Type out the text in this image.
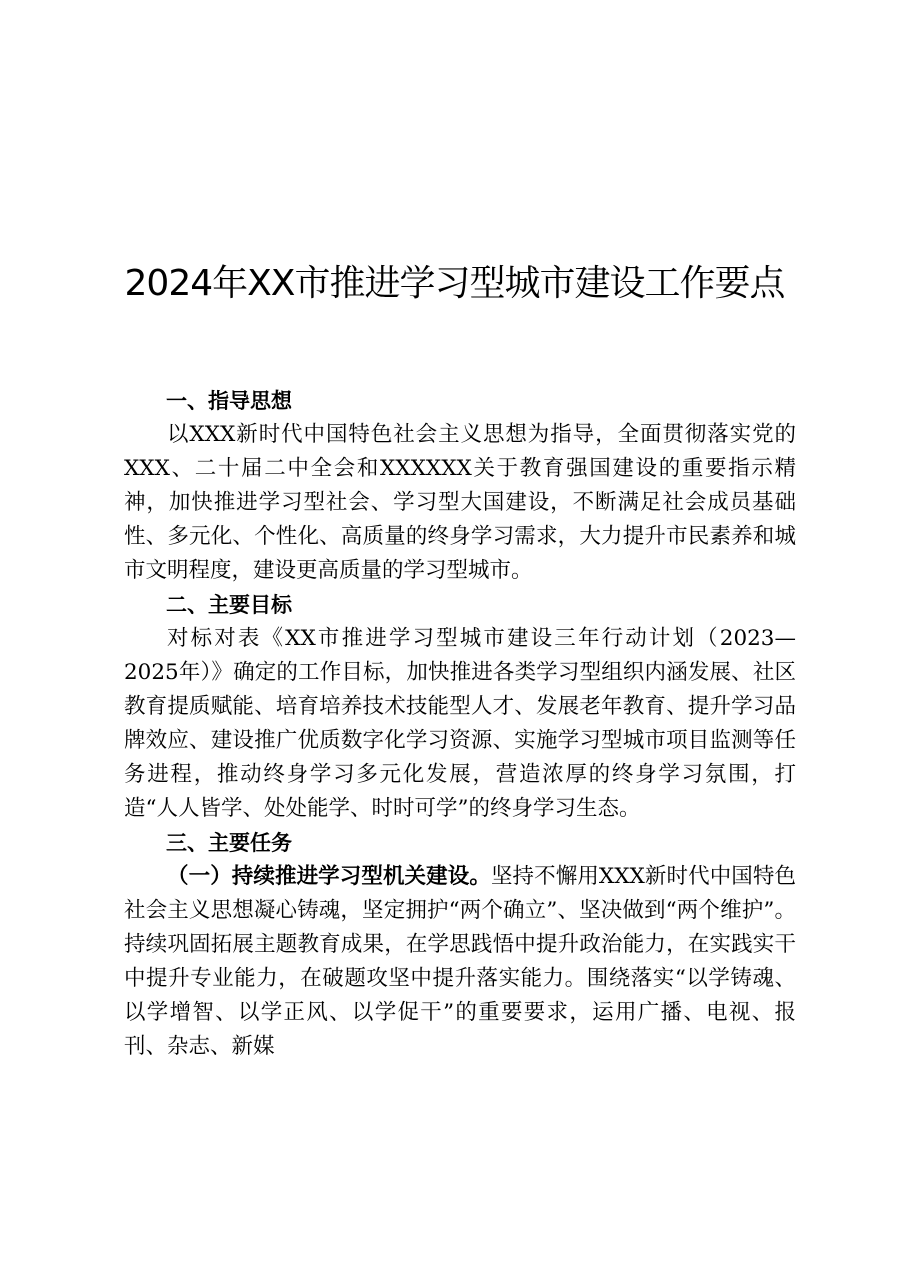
2024年XX市推进学习型城市建设工作要点
一、指导思想

以XXX新时代中国特色社会主义思想为指导，全面贯彻落实党的XXX、二十届二中全会和XXXXXX关于教育强国建设的重要指示精神，加快推进学习型社会、学习型大国建设，不断满足社会成员基础性、多元化、个性化、高质量的终身学习需求，大力提升市民素养和城市文明程度，建设更高质量的学习型城市。

二、主要目标

对标对表《XX市推进学习型城市建设三年行动计划（2023—2025年）》确定的工作目标，加快推进各类学习型组织内涵发展、社区教育提质赋能、培育培养技术技能型人才、发展老年教育、提升学习品牌效应、建设推广优质数字化学习资源、实施学习型城市项目监测等任务进程，推动终身学习多元化发展，营造浓厚的终身学习氛围，打造“人人皆学、处处能学、时时可学”的终身学习生态。

三、主要任务

（一）持续推进学习型机关建设。坚持不懈用XXX新时代中国特色社会主义思想凝心铸魂，坚定拥护“两个确立”、坚决做到“两个维护”。持续巩固拓展主题教育成果，在学思践悟中提升政治能力，在实践实干中提升专业能力，在破题攻坚中提升落实能力。围绕落实“以学铸魂、以学增智、以学正风、以学促干”的重要要求，运用广播、电视、报刊、杂志、新媒
